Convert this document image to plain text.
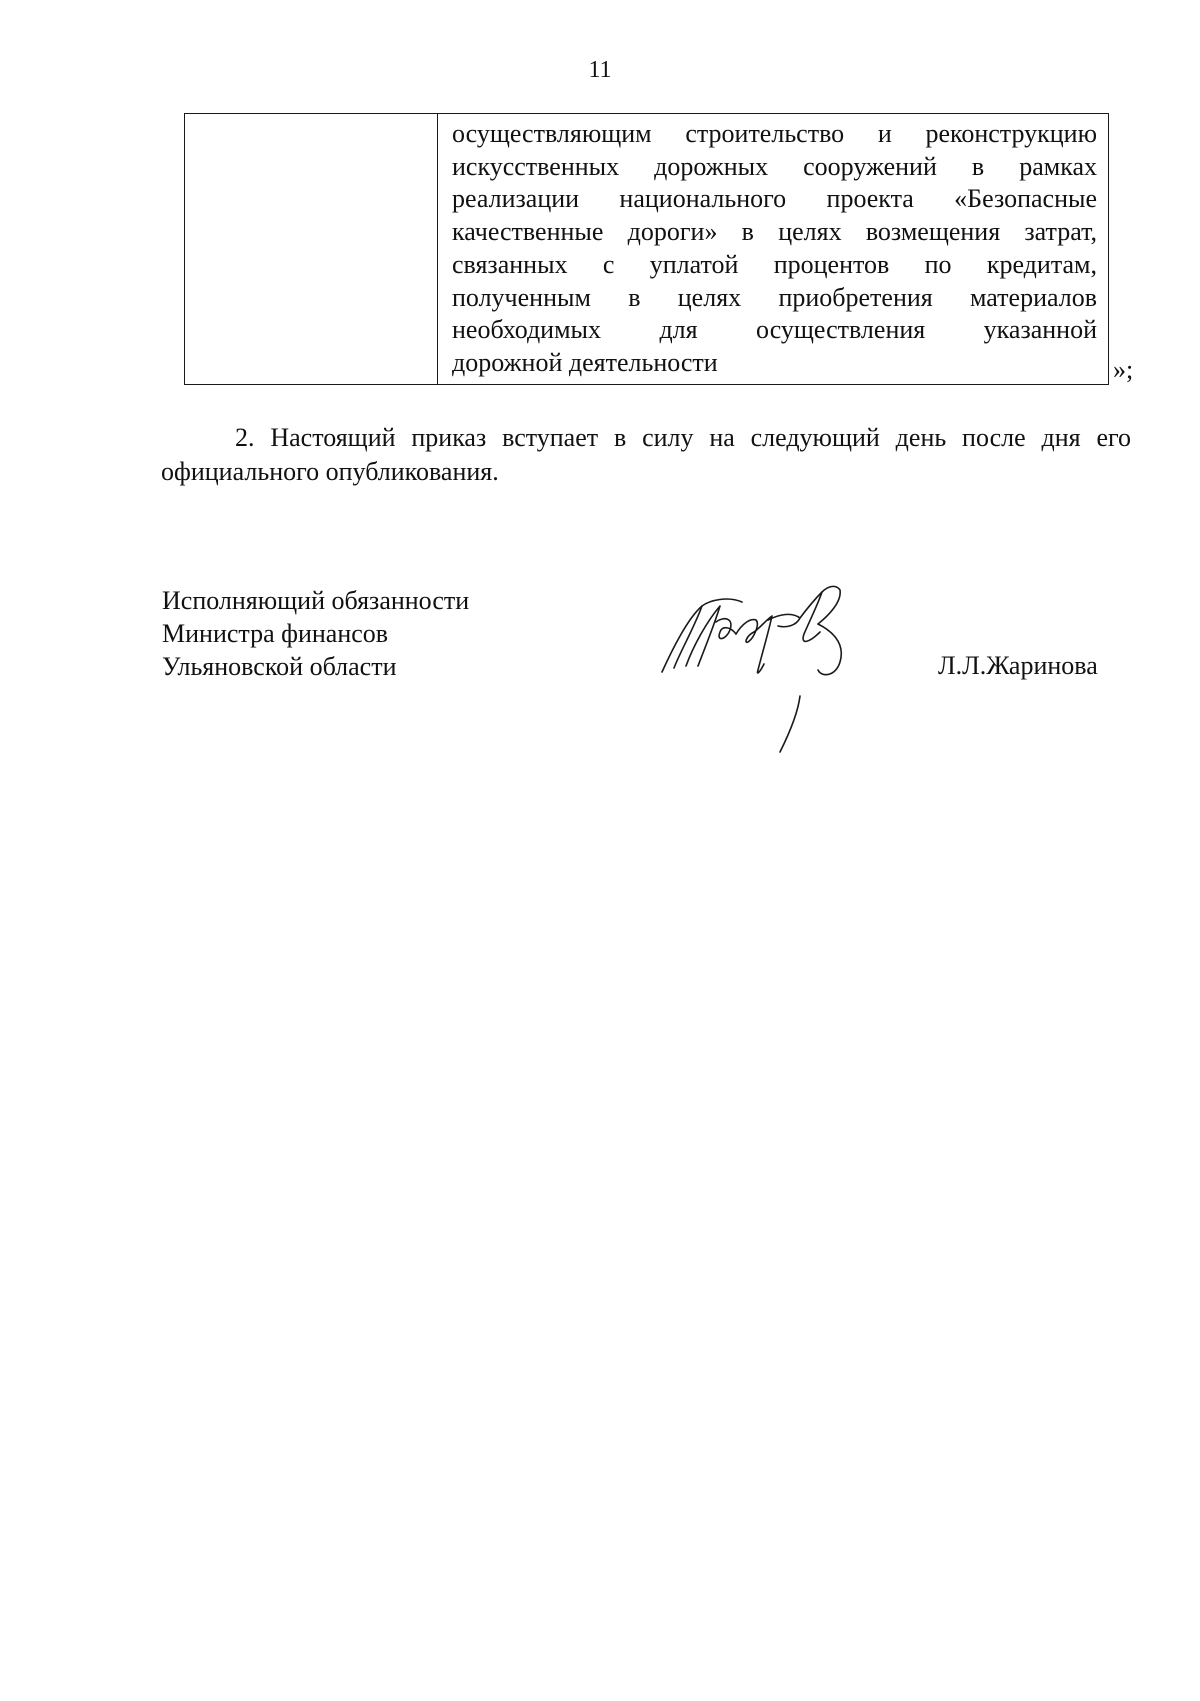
11
осуществляющим строительство и реконструкцию
искусственных дорожных сооружений в рамках
реализации национального проекта «Безопасные
качественные дороги» в целях возмещения затрат,
связанных с уплатой процентов по кредитам,
полученным в целях приобретения материалов
необходимых для осуществления указанной
дорожной деятельности	»;
2. Настоящий приказ вступает в силу на следующий день после дня его
официального опубликования.
Исполняющий обязанности
Министра финансов
Ульяновской области	Л.Л.Жаринова
